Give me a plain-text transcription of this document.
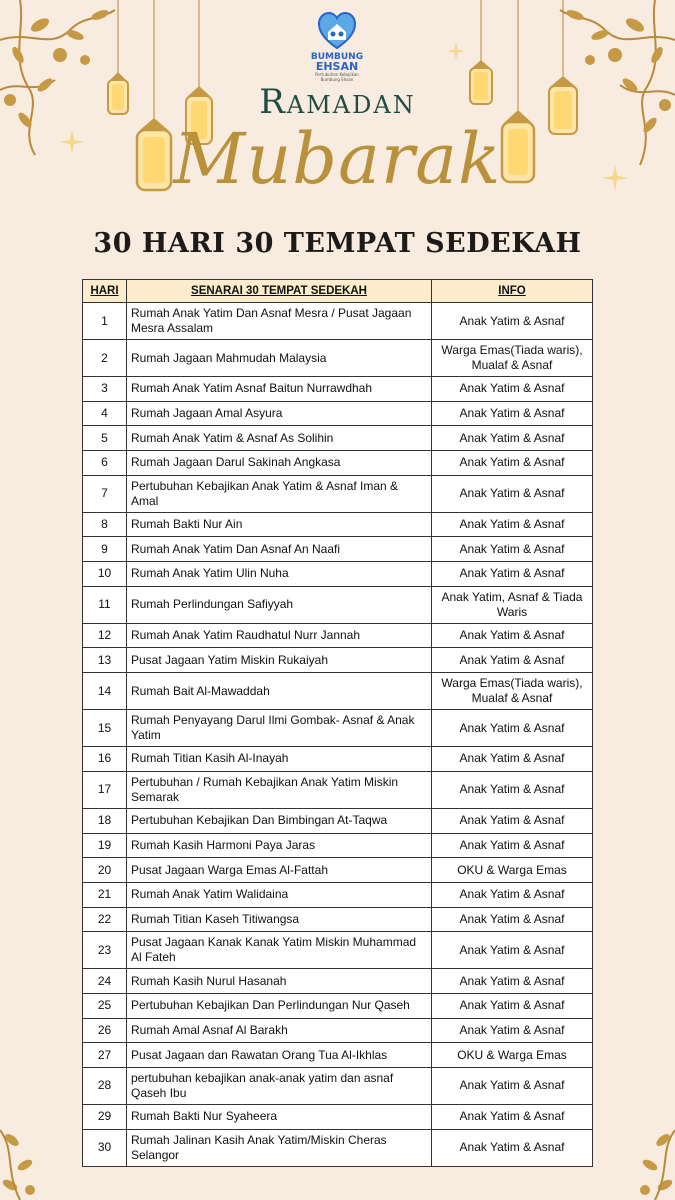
BUMBUNG
EHSAN
Pertubuhan Kebajikan Bumbung Ehsan
Ramadan
Mubarak
30 HARI 30 TEMPAT SEDEKAH
HARI	SENARAI 30 TEMPAT SEDEKAH	INFO
1	Rumah Anak Yatim Dan Asnaf Mesra / Pusat Jagaan Mesra Assalam	Anak Yatim & Asnaf
2	Rumah Jagaan Mahmudah Malaysia	Warga Emas(Tiada waris), Mualaf & Asnaf
3	Rumah Anak Yatim Asnaf Baitun Nurrawdhah	Anak Yatim & Asnaf
4	Rumah Jagaan Amal Asyura	Anak Yatim & Asnaf
5	Rumah Anak Yatim & Asnaf As Solihin	Anak Yatim & Asnaf
6	Rumah Jagaan Darul Sakinah Angkasa	Anak Yatim & Asnaf
7	Pertubuhan Kebajikan Anak Yatim & Asnaf Iman & Amal	Anak Yatim & Asnaf
8	Rumah Bakti Nur Ain	Anak Yatim & Asnaf
9	Rumah Anak Yatim Dan Asnaf An Naafi	Anak Yatim & Asnaf
10	Rumah Anak Yatim Ulin Nuha	Anak Yatim & Asnaf
11	Rumah Perlindungan Safiyyah	Anak Yatim, Asnaf & Tiada Waris
12	Rumah Anak Yatim Raudhatul Nurr Jannah	Anak Yatim & Asnaf
13	Pusat Jagaan Yatim Miskin Rukaiyah	Anak Yatim & Asnaf
14	Rumah Bait Al-Mawaddah	Warga Emas(Tiada waris), Mualaf & Asnaf
15	Rumah Penyayang Darul Ilmi Gombak- Asnaf & Anak Yatim	Anak Yatim & Asnaf
16	Rumah Titian Kasih Al-Inayah	Anak Yatim & Asnaf
17	Pertubuhan / Rumah Kebajikan Anak Yatim Miskin Semarak	Anak Yatim & Asnaf
18	Pertubuhan Kebajikan Dan Bimbingan At-Taqwa	Anak Yatim & Asnaf
19	Rumah Kasih Harmoni Paya Jaras	Anak Yatim & Asnaf
20	Pusat Jagaan Warga Emas Al-Fattah	OKU & Warga Emas
21	Rumah Anak Yatim Walidaina	Anak Yatim & Asnaf
22	Rumah Titian Kaseh Titiwangsa	Anak Yatim & Asnaf
23	Pusat Jagaan Kanak Kanak Yatim Miskin Muhammad Al Fateh	Anak Yatim & Asnaf
24	Rumah Kasih Nurul Hasanah	Anak Yatim & Asnaf
25	Pertubuhan Kebajikan Dan Perlindungan Nur Qaseh	Anak Yatim & Asnaf
26	Rumah Amal Asnaf Al Barakh	Anak Yatim & Asnaf
27	Pusat Jagaan dan Rawatan Orang Tua Al-Ikhlas	OKU & Warga Emas
28	pertubuhan kebajikan anak-anak yatim dan asnaf Qaseh Ibu	Anak Yatim & Asnaf
29	Rumah Bakti Nur Syaheera	Anak Yatim & Asnaf
30	Rumah Jalinan Kasih Anak Yatim/Miskin Cheras Selangor	Anak Yatim & Asnaf
